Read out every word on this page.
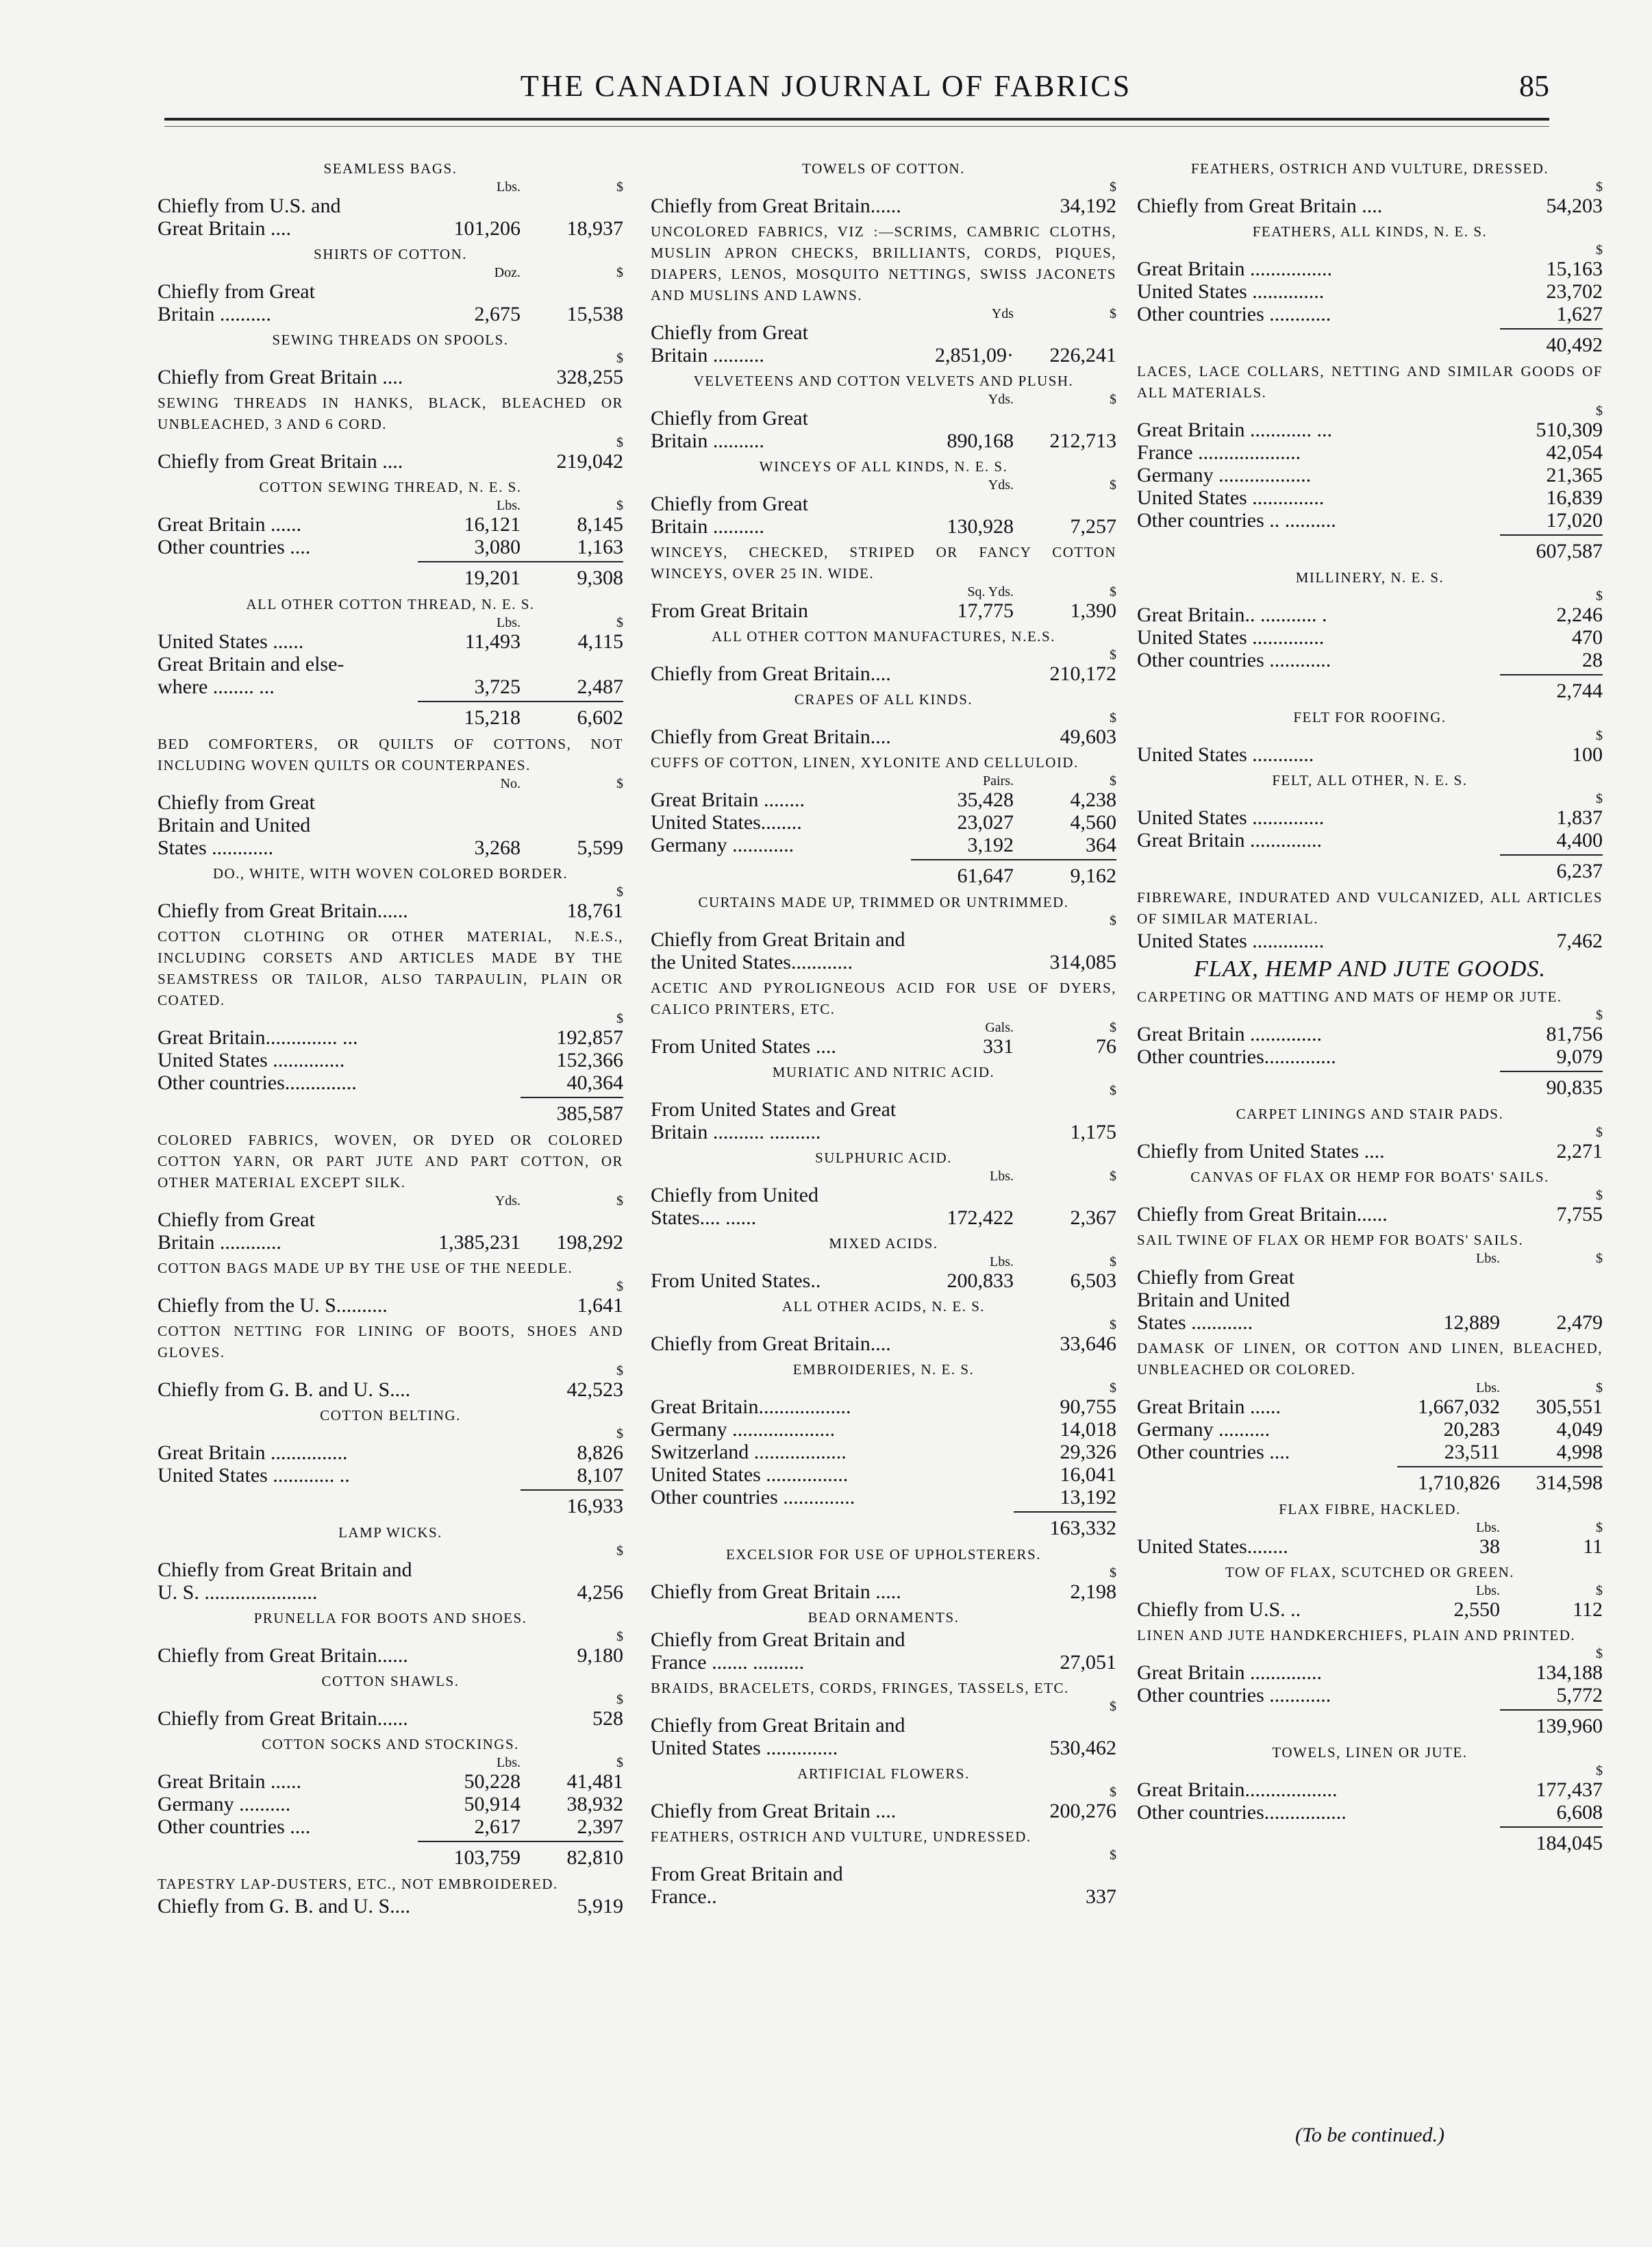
THE CANADIAN JOURNAL OF FABRICS	85
SEAMLESS BAGS.
Lbs.	$
Chiefly from U.S. and
Great Britain ....	101,206	18,937
SHIRTS OF COTTON.
Doz.	$
Chiefly from Great
Britain ..........	2,675	15,538
SEWING THREADS ON SPOOLS.
$
Chiefly from Great Britain ....	328,255
SEWING THREADS IN HANKS, BLACK, BLEACHED OR UNBLEACHED, 3 AND 6 CORD.
$
Chiefly from Great Britain ....	219,042
COTTON SEWING THREAD, N. E. S.
Lbs.	$
Great Britain ......	16,121	8,145
Other countries ....	3,080	1,163
19,201	9,308
ALL OTHER COTTON THREAD, N. E. S.
Lbs.	$
United States ......	11,493	4,115
Great Britain and else-
where ........ ...	3,725	2,487
15,218	6,602
BED COMFORTERS, OR QUILTS OF COTTONS, NOT INCLUDING WOVEN QUILTS OR COUNTERPANES.
No.	$
Chiefly from Great
Britain and United
States ............	3,268	5,599
DO., WHITE, WITH WOVEN COLORED BORDER.
$
Chiefly from Great Britain......	18,761
COTTON CLOTHING OR OTHER MATERIAL, N.E.S., INCLUDING CORSETS AND ARTICLES MADE BY THE SEAMSTRESS OR TAILOR, ALSO TARPAULIN, PLAIN OR COATED.
$
Great Britain.............. ...	192,857
United States ..............	152,366
Other countries..............	40,364
385,587
COLORED FABRICS, WOVEN, OR DYED OR COLORED COTTON YARN, OR PART JUTE AND PART COTTON, OR OTHER MATERIAL EXCEPT SILK.
Yds.	$
Chiefly from Great
Britain ............	1,385,231	198,292
COTTON BAGS MADE UP BY THE USE OF THE NEEDLE.
$
Chiefly from the U. S..........	1,641
COTTON NETTING FOR LINING OF BOOTS, SHOES AND GLOVES.
$
Chiefly from G. B. and U. S....	42,523
COTTON BELTING.
$
Great Britain ...............	8,826
United States ............ ..	8,107
16,933
LAMP WICKS.
$
Chiefly from Great Britain and
U. S. ......................	4,256
PRUNELLA FOR BOOTS AND SHOES.
$
Chiefly from Great Britain......	9,180
COTTON SHAWLS.
$
Chiefly from Great Britain......	528
COTTON SOCKS AND STOCKINGS.
Lbs.	$
Great Britain ......	50,228	41,481
Germany ..........	50,914	38,932
Other countries ....	2,617	2,397
103,759	82,810
TAPESTRY LAP-DUSTERS, ETC., NOT EMBROIDERED.
Chiefly from G. B. and U. S....	5,919
TOWELS OF COTTON.
$
Chiefly from Great Britain......	34,192
UNCOLORED FABRICS, VIZ :—SCRIMS, CAMBRIC CLOTHS, MUSLIN APRON CHECKS, BRILLIANTS, CORDS, PIQUES, DIAPERS, LENOS, MOSQUITO NETTINGS, SWISS JACONETS AND MUSLINS AND LAWNS.
Yds	$
Chiefly from Great
Britain ..........	2,851,09·	226,241
VELVETEENS AND COTTON VELVETS AND PLUSH.
Yds.	$
Chiefly from Great
Britain ..........	890,168	212,713
WINCEYS OF ALL KINDS, N. E. S.
Yds.	$
Chiefly from Great
Britain ..........	130,928	7,257
WINCEYS, CHECKED, STRIPED OR FANCY COTTON WINCEYS, OVER 25 IN. WIDE.
Sq. Yds.	$
From Great Britain	17,775	1,390
ALL OTHER COTTON MANUFACTURES, N.E.S.
$
Chiefly from Great Britain....	210,172
CRAPES OF ALL KINDS.
$
Chiefly from Great Britain....	49,603
CUFFS OF COTTON, LINEN, XYLONITE AND CELLULOID.
Pairs.	$
Great Britain ........	35,428	4,238
United States........	23,027	4,560
Germany ............	3,192	364
61,647	9,162
CURTAINS MADE UP, TRIMMED OR UNTRIMMED.
$
Chiefly from Great Britain and
the United States............	314,085
ACETIC AND PYROLIGNEOUS ACID FOR USE OF DYERS, CALICO PRINTERS, ETC.
Gals.	$
From United States ....	331	76
MURIATIC AND NITRIC ACID.
$
From United States and Great
Britain .......... ..........	1,175
SULPHURIC ACID.
Lbs.	$
Chiefly from United
States.... ......	172,422	2,367
MIXED ACIDS.
Lbs.	$
From United States..	200,833	6,503
ALL OTHER ACIDS, N. E. S.
$
Chiefly from Great Britain....	33,646
EMBROIDERIES, N. E. S.
$
Great Britain..................	90,755
Germany ....................	14,018
Switzerland ..................	29,326
United States ................	16,041
Other countries ..............	13,192
163,332
EXCELSIOR FOR USE OF UPHOLSTERERS.
$
Chiefly from Great Britain .....	2,198
BEAD ORNAMENTS.
Chiefly from Great Britain and
France ....... ..........	27,051
BRAIDS, BRACELETS, CORDS, FRINGES, TASSELS, ETC.
$
Chiefly from Great Britain and
United States ..............	530,462
ARTIFICIAL FLOWERS.
$
Chiefly from Great Britain ....	200,276
FEATHERS, OSTRICH AND VULTURE, UNDRESSED.
$
From Great Britain and France..	337
FEATHERS, OSTRICH AND VULTURE, DRESSED.
$
Chiefly from Great Britain ....	54,203
FEATHERS, ALL KINDS, N. E. S.
$
Great Britain ................	15,163
United States ..............	23,702
Other countries ............	1,627
40,492
LACES, LACE COLLARS, NETTING AND SIMILAR GOODS OF ALL MATERIALS.
$
Great Britain ............ ...	510,309
France ....................	42,054
Germany ..................	21,365
United States ..............	16,839
Other countries .. ..........	17,020
607,587
MILLINERY, N. E. S.
$
Great Britain.. ........... .	2,246
United States ..............	470
Other countries ............	28
2,744
FELT FOR ROOFING.
$
United States ............	100
FELT, ALL OTHER, N. E. S.
$
United States ..............	1,837
Great Britain ..............	4,400
6,237
FIBREWARE, INDURATED AND VULCANIZED, ALL ARTICLES OF SIMILAR MATERIAL.
United States ..............	7,462
FLAX, HEMP AND JUTE GOODS.
CARPETING OR MATTING AND MATS OF HEMP OR JUTE.
$
Great Britain ..............	81,756
Other countries..............	9,079
90,835
CARPET LININGS AND STAIR PADS.
$
Chiefly from United States ....	2,271
CANVAS OF FLAX OR HEMP FOR BOATS' SAILS.
$
Chiefly from Great Britain......	7,755
SAIL TWINE OF FLAX OR HEMP FOR BOATS' SAILS.
Lbs.	$
Chiefly from Great
Britain and United
States ............	12,889	2,479
DAMASK OF LINEN, OR COTTON AND LINEN, BLEACHED, UNBLEACHED OR COLORED.
Lbs.	$
Great Britain ......	1,667,032	305,551
Germany ..........	20,283	4,049
Other countries ....	23,511	4,998
1,710,826	314,598
FLAX FIBRE, HACKLED.
Lbs.	$
United States........	38	11
TOW OF FLAX, SCUTCHED OR GREEN.
Lbs.	$
Chiefly from U.S. ..	2,550	112
LINEN AND JUTE HANDKERCHIEFS, PLAIN AND PRINTED.
$
Great Britain ..............	134,188
Other countries ............	5,772
139,960
TOWELS, LINEN OR JUTE.
$
Great Britain..................	177,437
Other countries................	6,608
184,045
(To be continued.)
